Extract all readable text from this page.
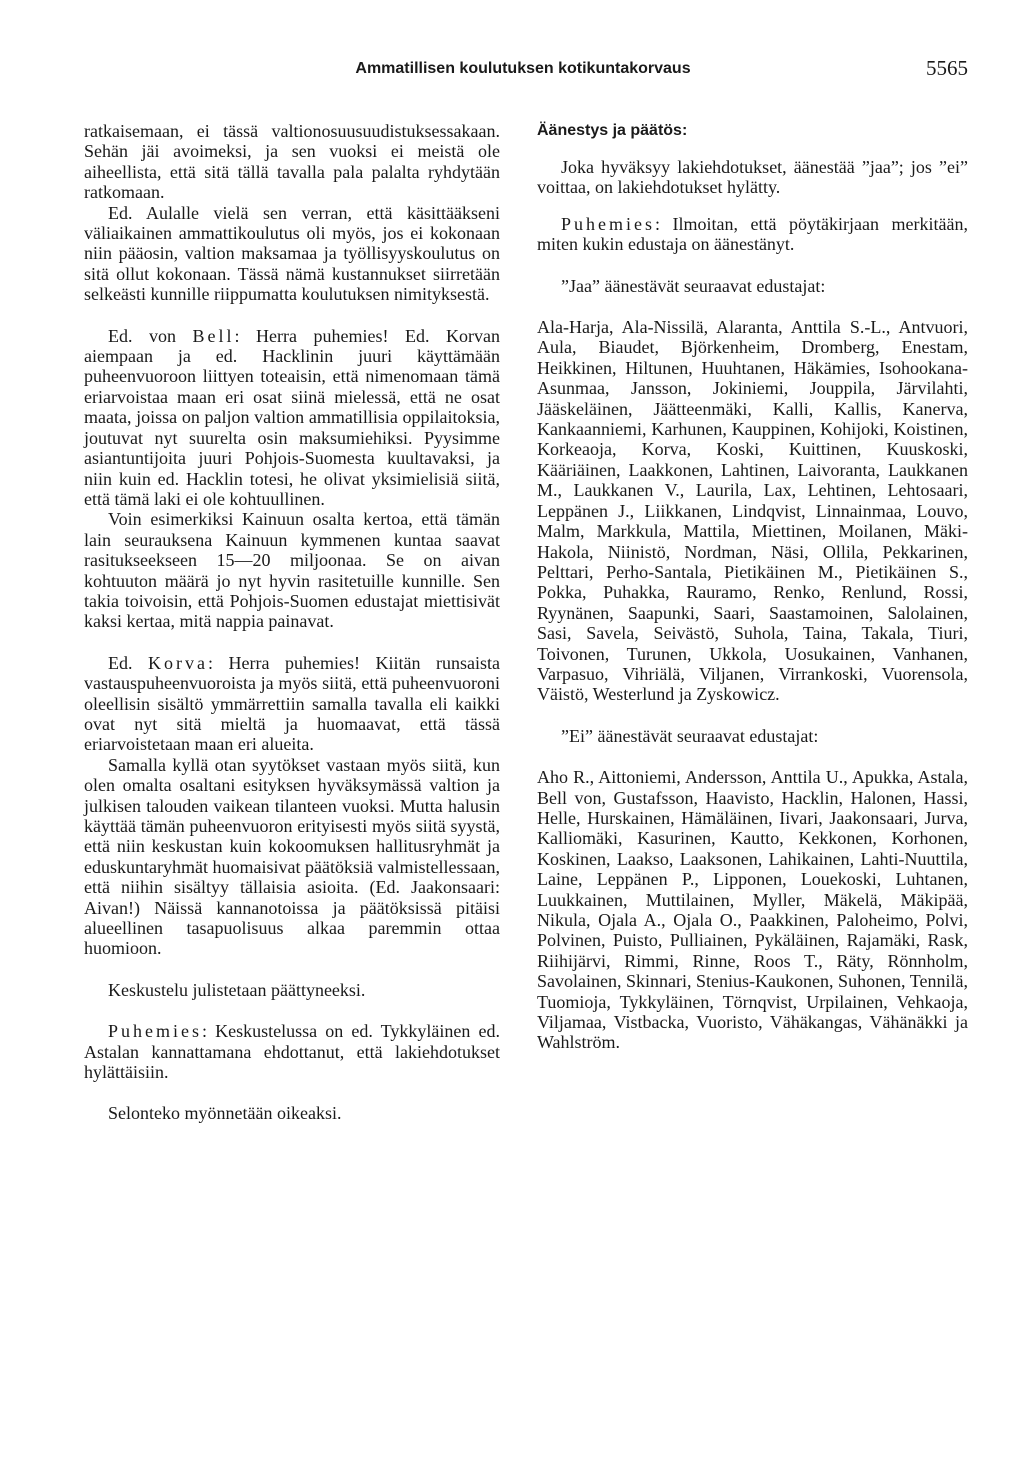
Ammatillisen koulutuksen kotikuntakorvaus	5565

ratkaisemaan, ei tässä valtionosuusuudistuksessakaan. Sehän jäi avoimeksi, ja sen vuoksi ei meistä ole aiheellista, että sitä tällä tavalla pala palalta ryhdytään ratkomaan.

Ed. Aulalle vielä sen verran, että käsittääkseni väliaikainen ammattikoulutus oli myös, jos ei kokonaan niin pääosin, valtion maksamaa ja työllisyyskoulutus on sitä ollut kokonaan. Tässä nämä kustannukset siirretään selkeästi kunnille riippumatta koulutuksen nimityksestä.

Ed. von Bell: Herra puhemies! Ed. Korvan aiempaan ja ed. Hacklinin juuri käyttämään puheenvuoroon liittyen toteaisin, että nimenomaan tämä eriarvoistaa maan eri osat siinä mielessä, että ne osat maata, joissa on paljon valtion ammatillisia oppilaitoksia, joutuvat nyt suurelta osin maksumiehiksi. Pyysimme asiantuntijoita juuri Pohjois-Suomesta kuultavaksi, ja niin kuin ed. Hacklin totesi, he olivat yksimielisiä siitä, että tämä laki ei ole kohtuullinen.

Voin esimerkiksi Kainuun osalta kertoa, että tämän lain seurauksena Kainuun kymmenen kuntaa saavat rasitukseekseen 15—20 miljoonaa. Se on aivan kohtuuton määrä jo nyt hyvin rasitetuille kunnille. Sen takia toivoisin, että Pohjois-Suomen edustajat miettisivät kaksi kertaa, mitä nappia painavat.

Ed. Korva: Herra puhemies! Kiitän runsaista vastauspuheenvuoroista ja myös siitä, että puheenvuoroni oleellisin sisältö ymmärrettiin samalla tavalla eli kaikki ovat nyt sitä mieltä ja huomaavat, että tässä eriarvoistetaan maan eri alueita.

Samalla kyllä otan syytökset vastaan myös siitä, kun olen omalta osaltani esityksen hyväksymässä valtion ja julkisen talouden vaikean tilanteen vuoksi. Mutta halusin käyttää tämän puheenvuoron erityisesti myös siitä syystä, että niin keskustan kuin kokoomuksen hallitusryhmät ja eduskuntaryhmät huomaisivat päätöksiä valmistellessaan, että niihin sisältyy tällaisia asioita. (Ed. Jaakonsaari: Aivan!) Näissä kannanotoissa ja päätöksissä pitäisi alueellinen tasapuolisuus alkaa paremmin ottaa huomioon.

Keskustelu julistetaan päättyneeksi.

Puhemies: Keskustelussa on ed. Tykkyläinen ed. Astalan kannattamana ehdottanut, että lakiehdotukset hylättäisiin.

Selonteko myönnetään oikeaksi.

Äänestys ja päätös:

Joka hyväksyy lakiehdotukset, äänestää ”jaa”; jos ”ei” voittaa, on lakiehdotukset hylätty.

Puhemies: Ilmoitan, että pöytäkirjaan merkitään, miten kukin edustaja on äänestänyt.

”Jaa” äänestävät seuraavat edustajat:

Ala-Harja, Ala-Nissilä, Alaranta, Anttila S.-L., Antvuori, Aula, Biaudet, Björkenheim, Dromberg, Enestam, Heikkinen, Hiltunen, Huuhtanen, Häkämies, Isohookana-Asunmaa, Jansson, Jokiniemi, Jouppila, Järvilahti, Jääskeläinen, Jäätteenmäki, Kalli, Kallis, Kanerva, Kankaanniemi, Karhunen, Kauppinen, Kohijoki, Koistinen, Korkeaoja, Korva, Koski, Kuittinen, Kuuskoski, Kääriäinen, Laakkonen, Lahtinen, Laivoranta, Laukkanen M., Laukkanen V., Laurila, Lax, Lehtinen, Lehtosaari, Leppänen J., Liikkanen, Lindqvist, Linnainmaa, Louvo, Malm, Markkula, Mattila, Miettinen, Moilanen, Mäki-Hakola, Niinistö, Nordman, Näsi, Ollila, Pekkarinen, Pelttari, Perho-Santala, Pietikäinen M., Pietikäinen S., Pokka, Puhakka, Rauramo, Renko, Renlund, Rossi, Ryynänen, Saapunki, Saari, Saastamoinen, Salolainen, Sasi, Savela, Seivästö, Suhola, Taina, Takala, Tiuri, Toivonen, Turunen, Ukkola, Uosukainen, Vanhanen, Varpasuo, Vihriälä, Viljanen, Virrankoski, Vuorensola, Väistö, Westerlund ja Zyskowicz.

”Ei” äänestävät seuraavat edustajat:

Aho R., Aittoniemi, Andersson, Anttila U., Apukka, Astala, Bell von, Gustafsson, Haavisto, Hacklin, Halonen, Hassi, Helle, Hurskainen, Hämäläinen, Iivari, Jaakonsaari, Jurva, Kalliomäki, Kasurinen, Kautto, Kekkonen, Korhonen, Koskinen, Laakso, Laaksonen, Lahikainen, Lahti-Nuuttila, Laine, Leppänen P., Lipponen, Louekoski, Luhtanen, Luukkainen, Muttilainen, Myller, Mäkelä, Mäkipää, Nikula, Ojala A., Ojala O., Paakkinen, Paloheimo, Polvi, Polvinen, Puisto, Pulliainen, Pykäläinen, Rajamäki, Rask, Riihijärvi, Rimmi, Rinne, Roos T., Räty, Rönnholm, Savolainen, Skinnari, Stenius-Kaukonen, Suhonen, Tennilä, Tuomioja, Tykkyläinen, Törnqvist, Urpilainen, Vehkaoja, Viljamaa, Vistbacka, Vuoristo, Vähäkangas, Vähänäkki ja Wahlström.
